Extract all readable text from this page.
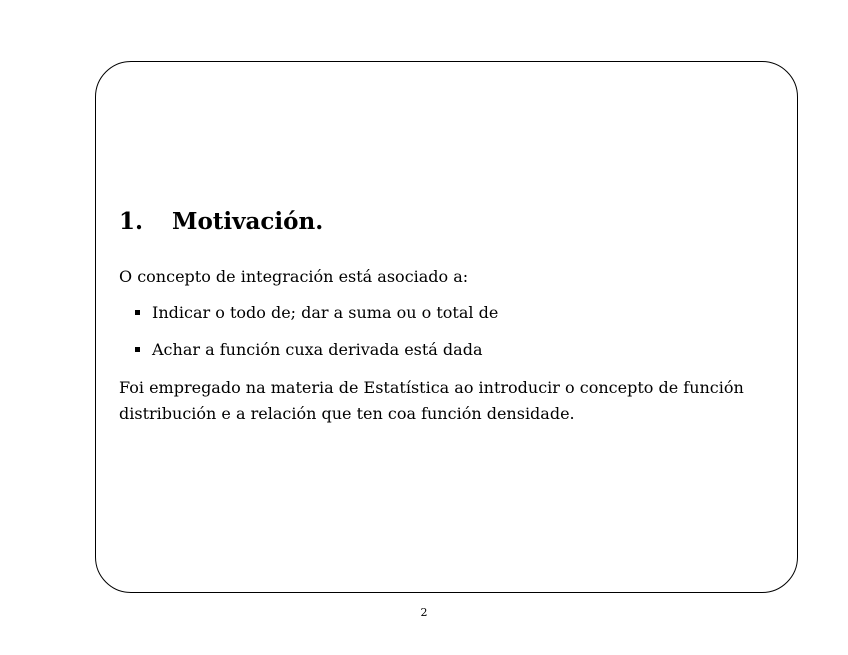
1. Motivación.

O concepto de integración está asociado a:

Indicar o todo de; dar a suma ou o total de
Achar a función cuxa derivada está dada

Foi empregado na materia de Estatística ao introducir o concepto de función distribución e a relación que ten coa función densidade.

2
